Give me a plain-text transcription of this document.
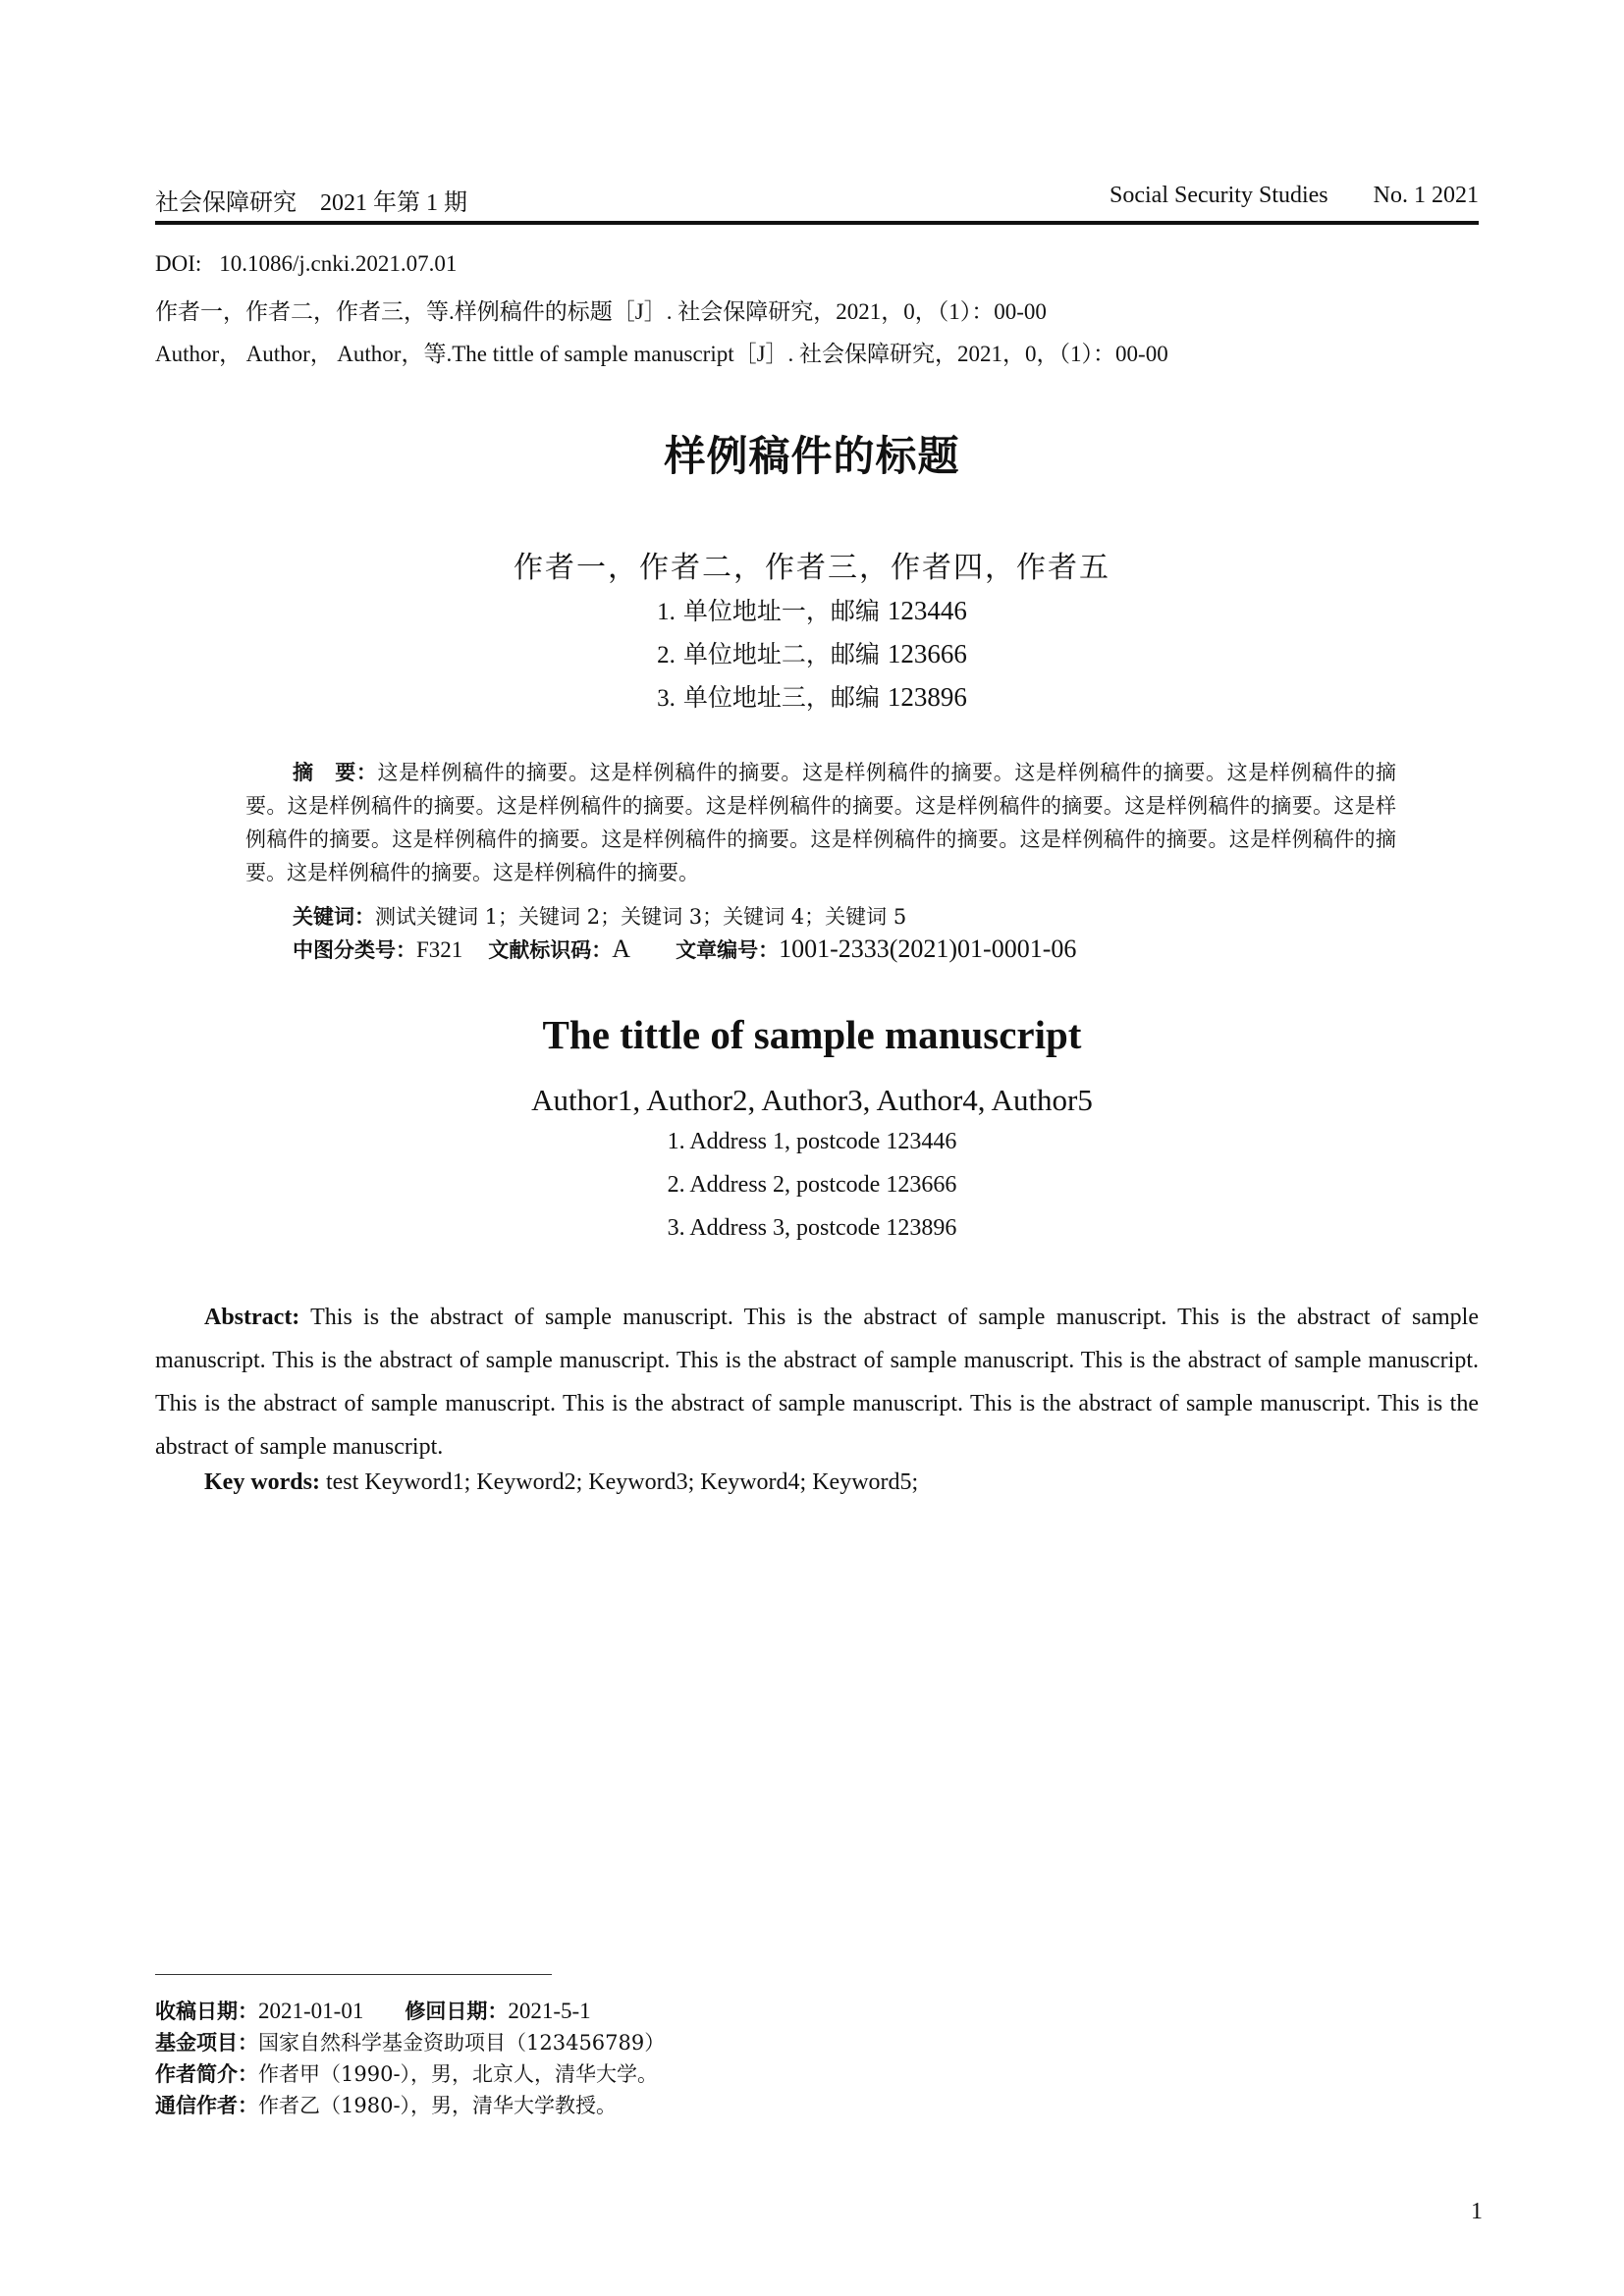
社会保障研究　2021 年第 1 期	Social Security Studies No. 1 2021
DOI: 10.1086/j.cnki.2021.07.01
作者一，作者二，作者三，等.样例稿件的标题［J］. 社会保障研究，2021，0，（1）：00-00
Author， Author， Author，等.The tittle of sample manuscript［J］. 社会保障研究，2021，0，（1）：00-00
样例稿件的标题
作者一，作者二，作者三，作者四，作者五
1. 单位地址一，邮编 123446
2. 单位地址二，邮编 123666
3. 单位地址三，邮编 123896
摘　要：这是样例稿件的摘要。这是样例稿件的摘要。这是样例稿件的摘要。这是样例稿件的摘要。这是样例稿件的摘要。这是样例稿件的摘要。这是样例稿件的摘要。这是样例稿件的摘要。这是样例稿件的摘要。这是样例稿件的摘要。这是样例稿件的摘要。这是样例稿件的摘要。这是样例稿件的摘要。这是样例稿件的摘要。这是样例稿件的摘要。这是样例稿件的摘要。这是样例稿件的摘要。这是样例稿件的摘要。
关键词：测试关键词 1；关键词 2；关键词 3；关键词 4；关键词 5
中图分类号：F321 文献标识码：A 文章编号：1001-2333(2021)01-0001-06
The tittle of sample manuscript
Author1, Author2, Author3, Author4, Author5
1. Address 1, postcode 123446
2. Address 2, postcode 123666
3. Address 3, postcode 123896
Abstract: This is the abstract of sample manuscript. This is the abstract of sample manuscript. This is the abstract of sample manuscript. This is the abstract of sample manuscript. This is the abstract of sample manuscript. This is the abstract of sample manuscript. This is the abstract of sample manuscript. This is the abstract of sample manuscript. This is the abstract of sample manuscript. This is the abstract of sample manuscript.
Key words: test Keyword1; Keyword2; Keyword3; Keyword4; Keyword5;
收稿日期：2021-01-01 修回日期：2021-5-1
基金项目：国家自然科学基金资助项目（123456789）
作者简介：作者甲（1990-），男，北京人，清华大学。
通信作者：作者乙（1980-），男，清华大学教授。
1
